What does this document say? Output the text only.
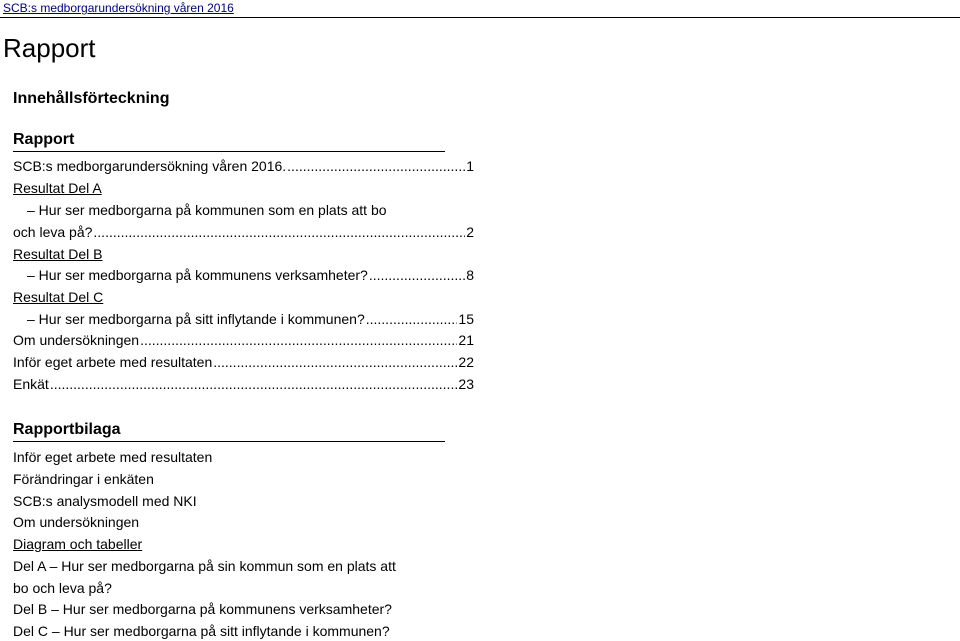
SCB:s medborgarundersökning våren 2016
Rapport
Innehållsförteckning
Rapport
SCB:s medborgarundersökning våren 2016. .....	1
Resultat Del A
– Hur ser medborgarna på kommunen som en plats att bo
och leva på? .....	2
Resultat Del B
– Hur ser medborgarna på kommunens verksamheter? .....	8
Resultat Del C
– Hur ser medborgarna på sitt inflytande i kommunen? .....	15
Om undersökningen .....	21
Inför eget arbete med resultaten .....	22
Enkät .....	23
Rapportbilaga
Inför eget arbete med resultaten
Förändringar i enkäten
SCB:s analysmodell med NKI
Om undersökningen
Diagram och tabeller
Del A – Hur ser medborgarna på sin kommun som en plats att
bo och leva på?
Del B – Hur ser medborgarna på kommunens verksamheter?
Del C – Hur ser medborgarna på sitt inflytande i kommunen?
